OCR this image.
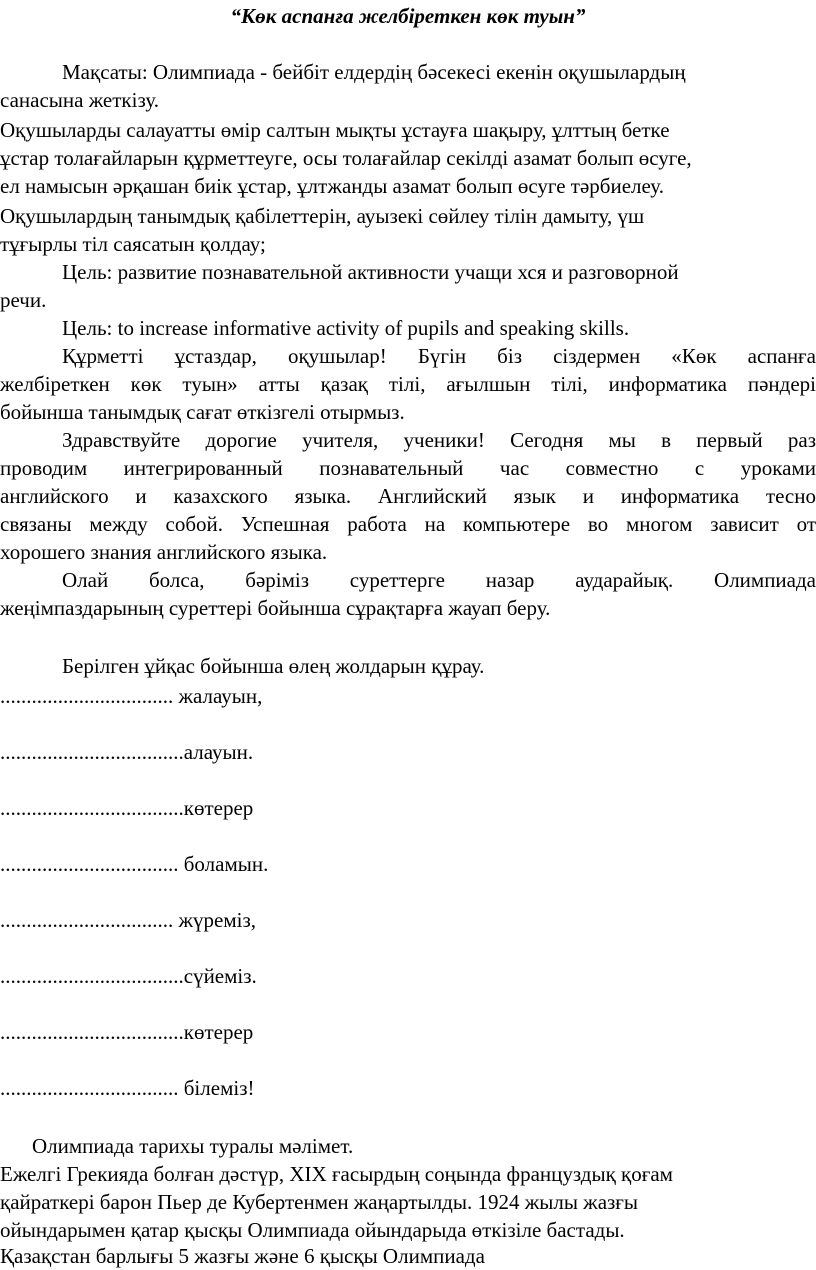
“Көк аспанға желбіреткен көк туын”
Мақсаты: Олимпиада - бейбіт елдердің бәсекесі екенін оқушылардың
санасына жеткізу.
Оқушыларды салауатты өмір салтын мықты ұстауға шақыру, ұлттың бетке
ұстар толағайларын құрметтеугe, осы толағайлар секілді азамат болып өсуге,
ел намысын әрқашан биік ұстар, ұлтжанды азамат болып өсуге тәрбиелеу.
Оқушылардың танымдық қабілеттерін, ауызекі сөйлеу тілін дамыту, үш
тұғырлы тіл саясатын қолдау;
Цель: развитие познавательной активности учащи хся и разговорной
речи.
Цель: to increase informative activity of pupils and speaking skills.
Құрметті ұстаздар, оқушылар! Бүгін біз сіздермен «Көк аспанға
желбіреткен көк туын» атты қазақ тілі, ағылшын тілі, информатика пәндері
бойынша танымдық сағат өткізгелі отырмыз.
Здравствуйте дорогие учителя, ученики! Сегодня мы в первый раз
проводим интегрированный познавательный час совместно с уроками
английского и казахского языка. Английский язык и информатика тесно
связаны между собой. Успешная работа на компьютере во многом зависит от
хорошего знания английского языка.
Олай болса, бәріміз суреттерге назар аударайық. Олимпиада
жеңімпаздарының суреттері бойынша сұрақтарға жауап беру.
Берілген ұйқас бойынша өлең жолдарын құрау.
................................. жалауын,
...................................алауын.
...................................көтерер
.................................. боламын.
................................. жүреміз,
...................................сүйеміз.
...................................көтерер
.................................. білеміз!
Олимпиада тарихы туралы мәлімет.
Ежелгі Грекияда болған дәстүр, XIX ғасырдың соңында француздық қоғам
қайраткері барон Пьер де Кубертенмен жаңартылды. 1924 жылы жазғы
ойындарымен қатар қысқы Олимпиада ойындарыда өткізіле бастады.
Қазақстан барлығы 5 жазғы және 6 қысқы Олимпиада
